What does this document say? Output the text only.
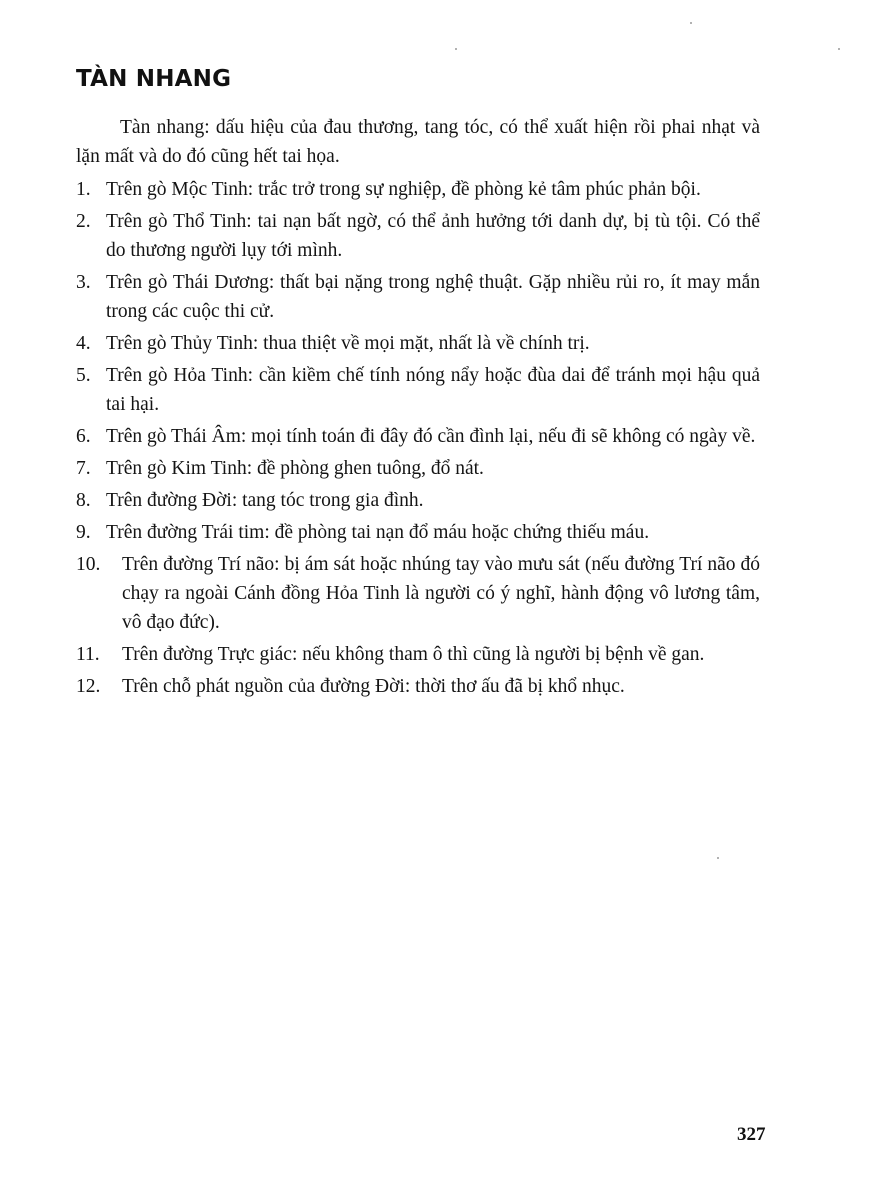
TÀN NHANG

Tàn nhang: dấu hiệu của đau thương, tang tóc, có thể xuất hiện rồi phai nhạt và lặn mất và do đó cũng hết tai họa.

1. Trên gò Mộc Tinh: trắc trở trong sự nghiệp, đề phòng kẻ tâm phúc phản bội.
2. Trên gò Thổ Tinh: tai nạn bất ngờ, có thể ảnh hưởng tới danh dự, bị tù tội. Có thể do thương người lụy tới mình.
3. Trên gò Thái Dương: thất bại nặng trong nghệ thuật. Gặp nhiều rủi ro, ít may mắn trong các cuộc thi cử.
4. Trên gò Thủy Tinh: thua thiệt về mọi mặt, nhất là về chính trị.
5. Trên gò Hỏa Tinh: cần kiềm chế tính nóng nẩy hoặc đùa dai để tránh mọi hậu quả tai hại.
6. Trên gò Thái Âm: mọi tính toán đi đây đó cần đình lại, nếu đi sẽ không có ngày về.
7. Trên gò Kim Tinh: đề phòng ghen tuông, đổ nát.
8. Trên đường Đời: tang tóc trong gia đình.
9. Trên đường Trái tim: đề phòng tai nạn đổ máu hoặc chứng thiếu máu.
10. Trên đường Trí não: bị ám sát hoặc nhúng tay vào mưu sát (nếu đường Trí não đó chạy ra ngoài Cánh đồng Hỏa Tinh là người có ý nghĩ, hành động vô lương tâm, vô đạo đức).
11. Trên đường Trực giác: nếu không tham ô thì cũng là người bị bệnh về gan.
12. Trên chỗ phát nguồn của đường Đời: thời thơ ấu đã bị khổ nhục.
327
